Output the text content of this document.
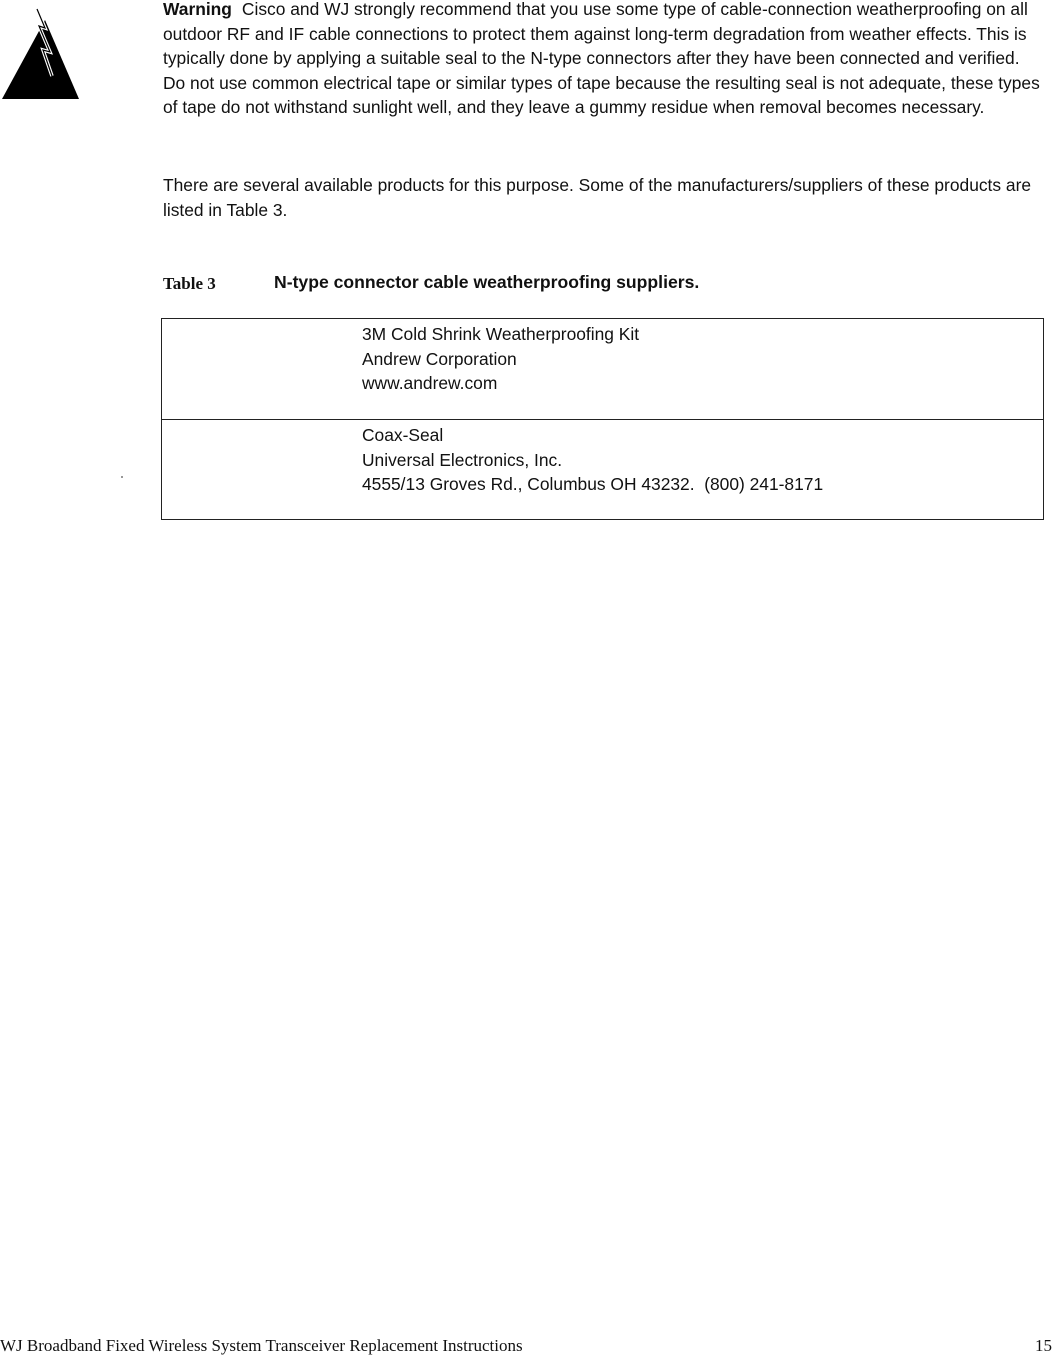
Warning Cisco and WJ strongly recommend that you use some type of cable-connection weatherproofing on all outdoor RF and IF cable connections to protect them against long-term degradation from weather effects. This is typically done by applying a suitable seal to the N-type connectors after they have been connected and verified. Do not use common electrical tape or similar types of tape because the resulting seal is not adequate, these types of tape do not withstand sunlight well, and they leave a gummy residue when removal becomes necessary.
There are several available products for this purpose. Some of the manufacturers/suppliers of these products are listed in Table 3.
Table 3	N-type connector cable weatherproofing suppliers.
3M Cold Shrink Weatherproofing Kit
Andrew Corporation
www.andrew.com
Coax-Seal
Universal Electronics, Inc.
4555/13 Groves Rd., Columbus OH 43232.  (800) 241-8171
WJ Broadband Fixed Wireless System Transceiver Replacement Instructions	15
